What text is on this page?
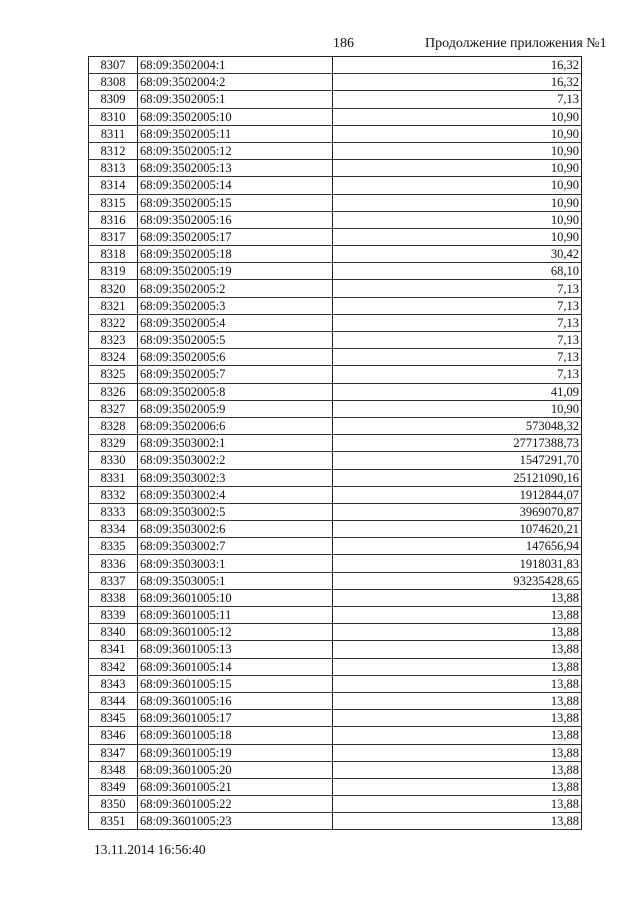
186	Продолжение приложения №1
8307	68:09:3502004:1	16,32
8308	68:09:3502004:2	16,32
8309	68:09:3502005:1	7,13
8310	68:09:3502005:10	10,90
8311	68:09:3502005:11	10,90
8312	68:09:3502005:12	10,90
8313	68:09:3502005:13	10,90
8314	68:09:3502005:14	10,90
8315	68:09:3502005:15	10,90
8316	68:09:3502005:16	10,90
8317	68:09:3502005:17	10,90
8318	68:09:3502005:18	30,42
8319	68:09:3502005:19	68,10
8320	68:09:3502005:2	7,13
8321	68:09:3502005:3	7,13
8322	68:09:3502005:4	7,13
8323	68:09:3502005:5	7,13
8324	68:09:3502005:6	7,13
8325	68:09:3502005:7	7,13
8326	68:09:3502005:8	41,09
8327	68:09:3502005:9	10,90
8328	68:09:3502006:6	573048,32
8329	68:09:3503002:1	27717388,73
8330	68:09:3503002:2	1547291,70
8331	68:09:3503002:3	25121090,16
8332	68:09:3503002:4	1912844,07
8333	68:09:3503002:5	3969070,87
8334	68:09:3503002:6	1074620,21
8335	68:09:3503002:7	147656,94
8336	68:09:3503003:1	1918031,83
8337	68:09:3503005:1	93235428,65
8338	68:09:3601005:10	13,88
8339	68:09:3601005:11	13,88
8340	68:09:3601005:12	13,88
8341	68:09:3601005:13	13,88
8342	68:09:3601005:14	13,88
8343	68:09:3601005:15	13,88
8344	68:09:3601005:16	13,88
8345	68:09:3601005:17	13,88
8346	68:09:3601005:18	13,88
8347	68:09:3601005:19	13,88
8348	68:09:3601005:20	13,88
8349	68:09:3601005:21	13,88
8350	68:09:3601005:22	13,88
8351	68:09:3601005:23	13,88
13.11.2014 16:56:40
